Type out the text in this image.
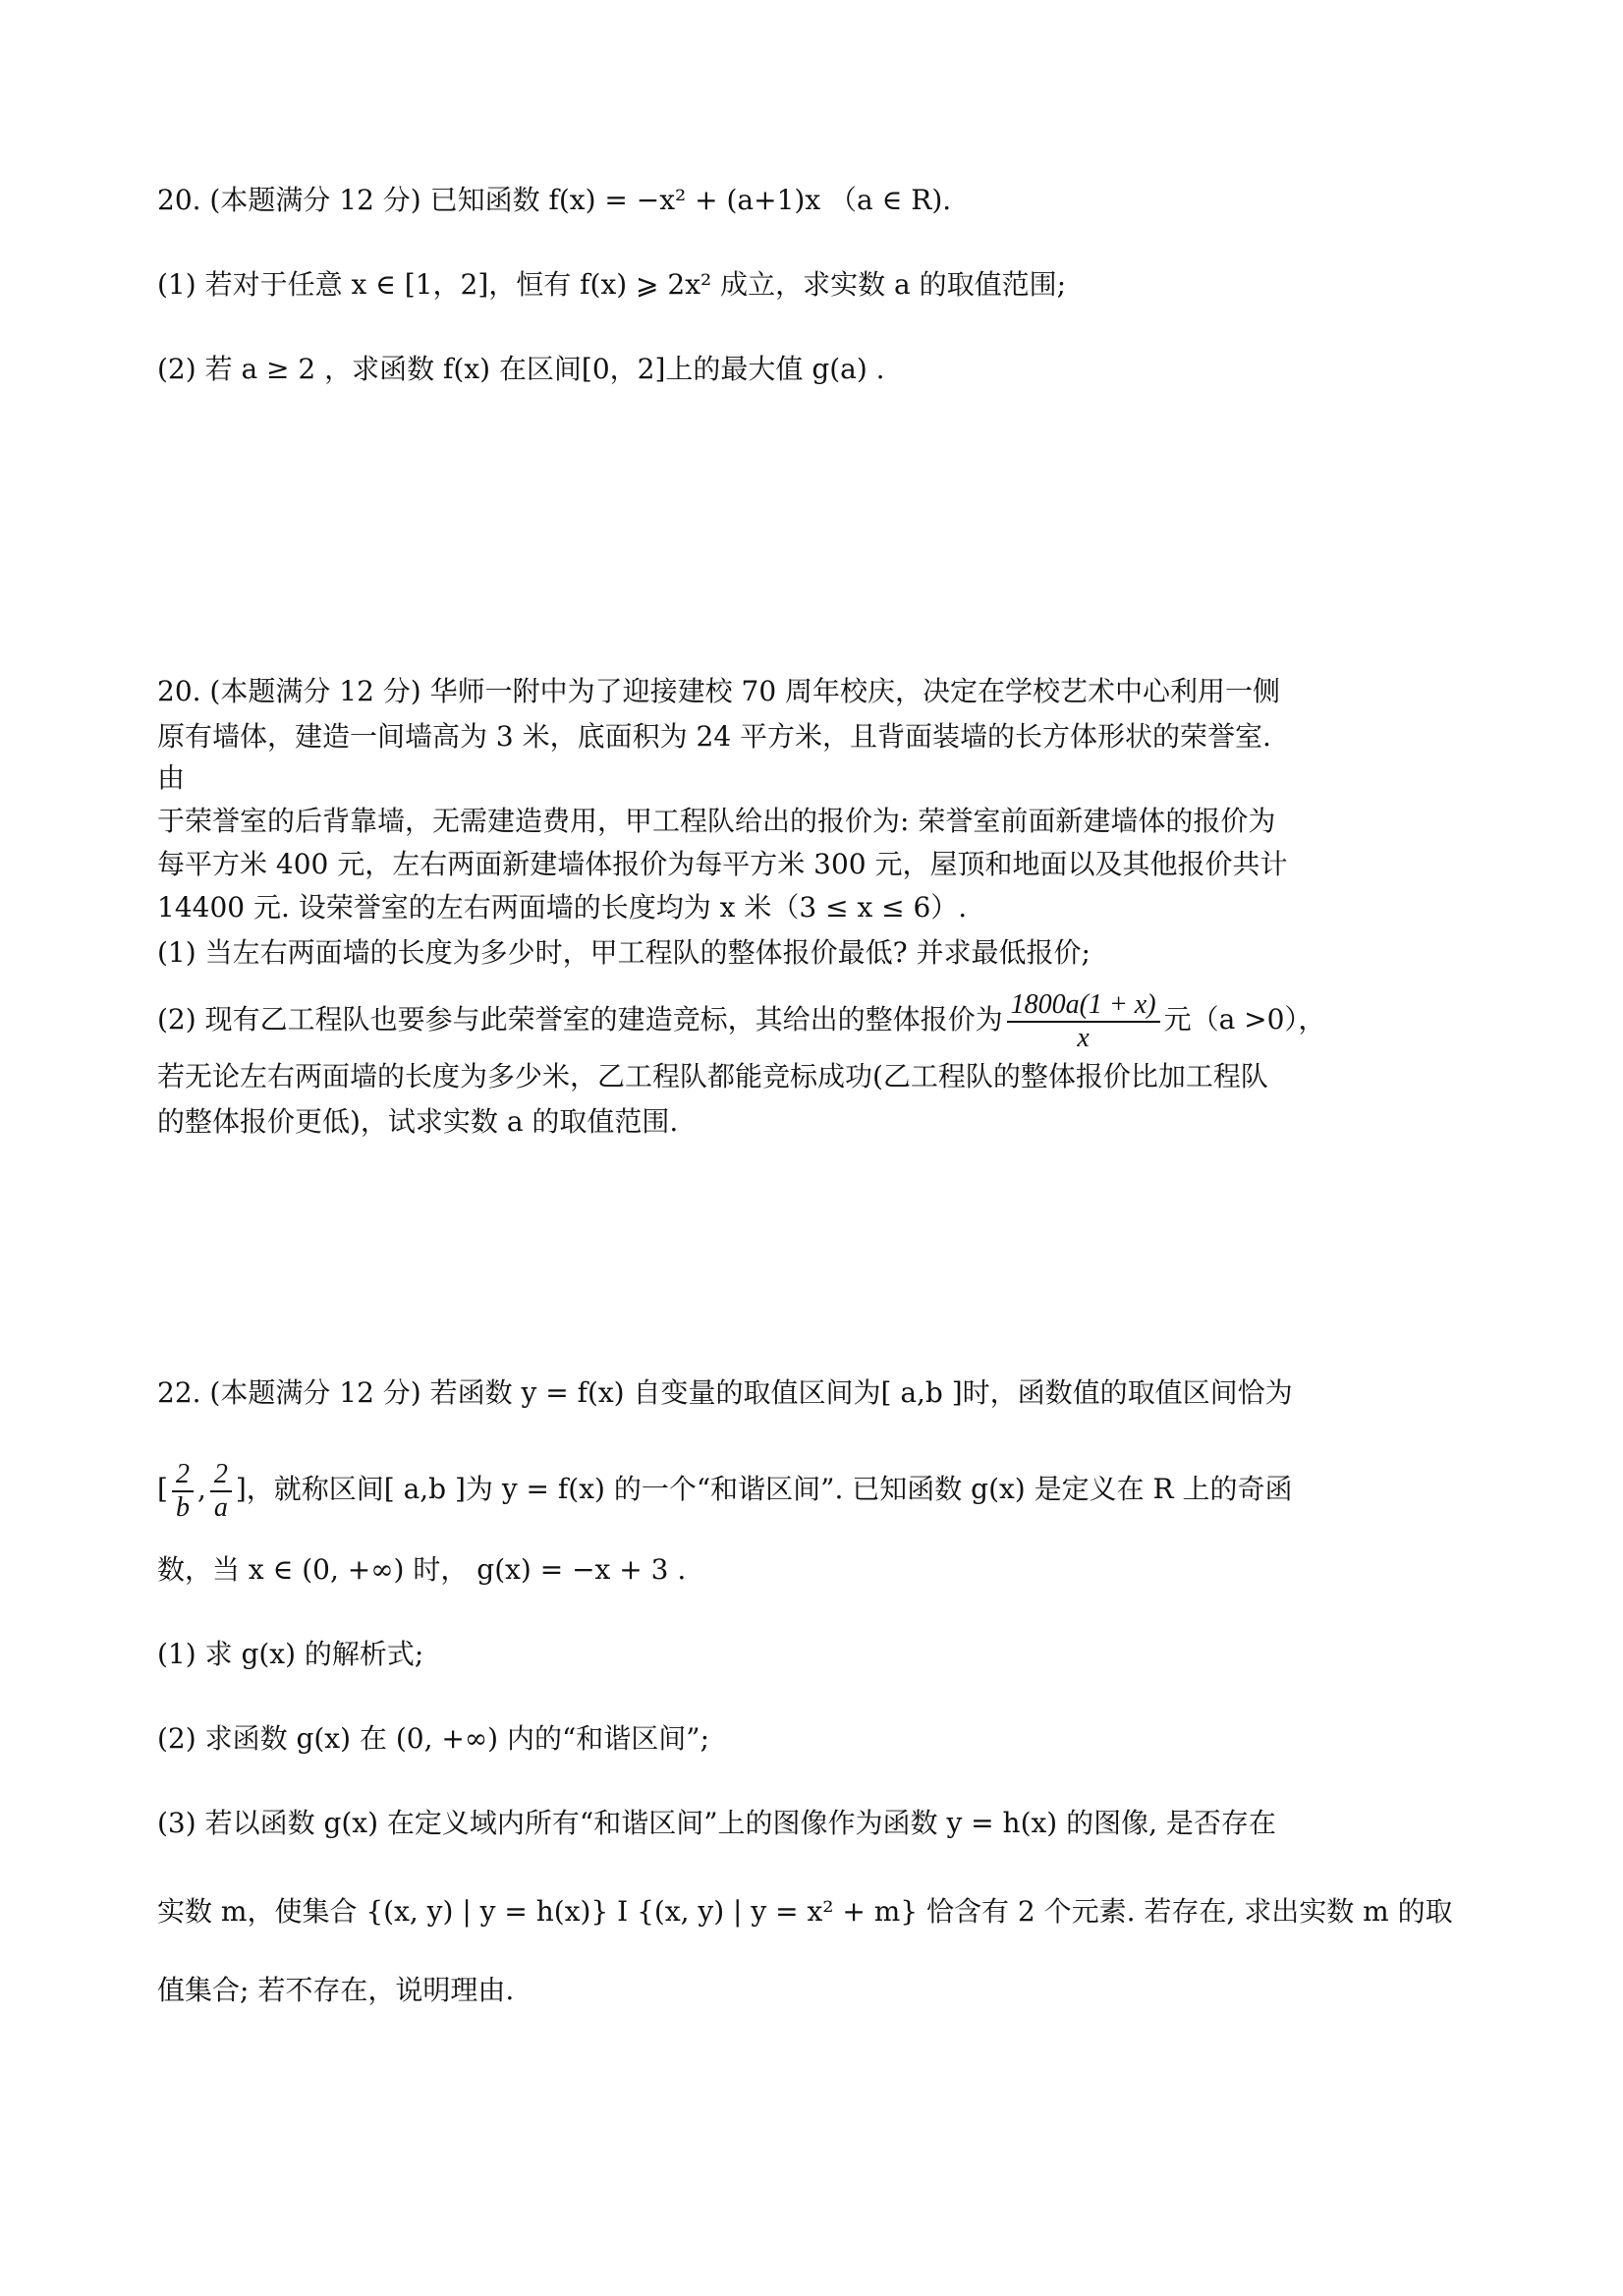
20. (本题满分 12 分) 已知函数 f(x) = −x² + (a+1)x （a ∈ R).
(1) 若对于任意 x ∈ [1，2]，恒有 f(x) ⩾ 2x² 成立，求实数 a 的取值范围;
(2) 若 a ≥ 2 ，求函数 f(x) 在区间[0，2]上的最大值 g(a) .
20. (本题满分 12 分) 华师一附中为了迎接建校 70 周年校庆，决定在学校艺术中心利用一侧
原有墙体，建造一间墙高为 3 米，底面积为 24 平方米，且背面装墙的长方体形状的荣誉室.
由
于荣誉室的后背靠墙，无需建造费用，甲工程队给出的报价为: 荣誉室前面新建墙体的报价为
每平方米 400 元，左右两面新建墙体报价为每平方米 300 元，屋顶和地面以及其他报价共计
14400 元. 设荣誉室的左右两面墙的长度均为 x 米（3 ≤ x ≤ 6）.
(1) 当左右两面墙的长度为多少时，甲工程队的整体报价最低? 并求最低报价;
(2) 现有乙工程队也要参与此荣誉室的建造竞标，其给出的整体报价为 $\frac{1800a(1 + x)}{x}$ 元（a >0），
若无论左右两面墙的长度为多少米，乙工程队都能竞标成功(乙工程队的整体报价比加工程队
的整体报价更低)，试求实数 a 的取值范围.
22. (本题满分 12 分) 若函数 y = f(x) 自变量的取值区间为[ a,b ]时，函数值的取值区间恰为
[ $\frac{2}{b}$ , $\frac{2}{a}$ ]，就称区间[ a,b ]为 y = f(x) 的一个“和谐区间”. 已知函数 g(x) 是定义在 R 上的奇函
数，当 x ∈ (0, +∞) 时， g(x) = −x + 3 .
(1) 求 g(x) 的解析式;
(2) 求函数 g(x) 在 (0, +∞) 内的“和谐区间”;
(3) 若以函数 g(x) 在定义域内所有“和谐区间”上的图像作为函数 y = h(x) 的图像, 是否存在
实数 m，使集合 {(x, y) | y = h(x)} I {(x, y) | y = x² + m} 恰含有 2 个元素. 若存在, 求出实数 m 的取
值集合; 若不存在，说明理由.
